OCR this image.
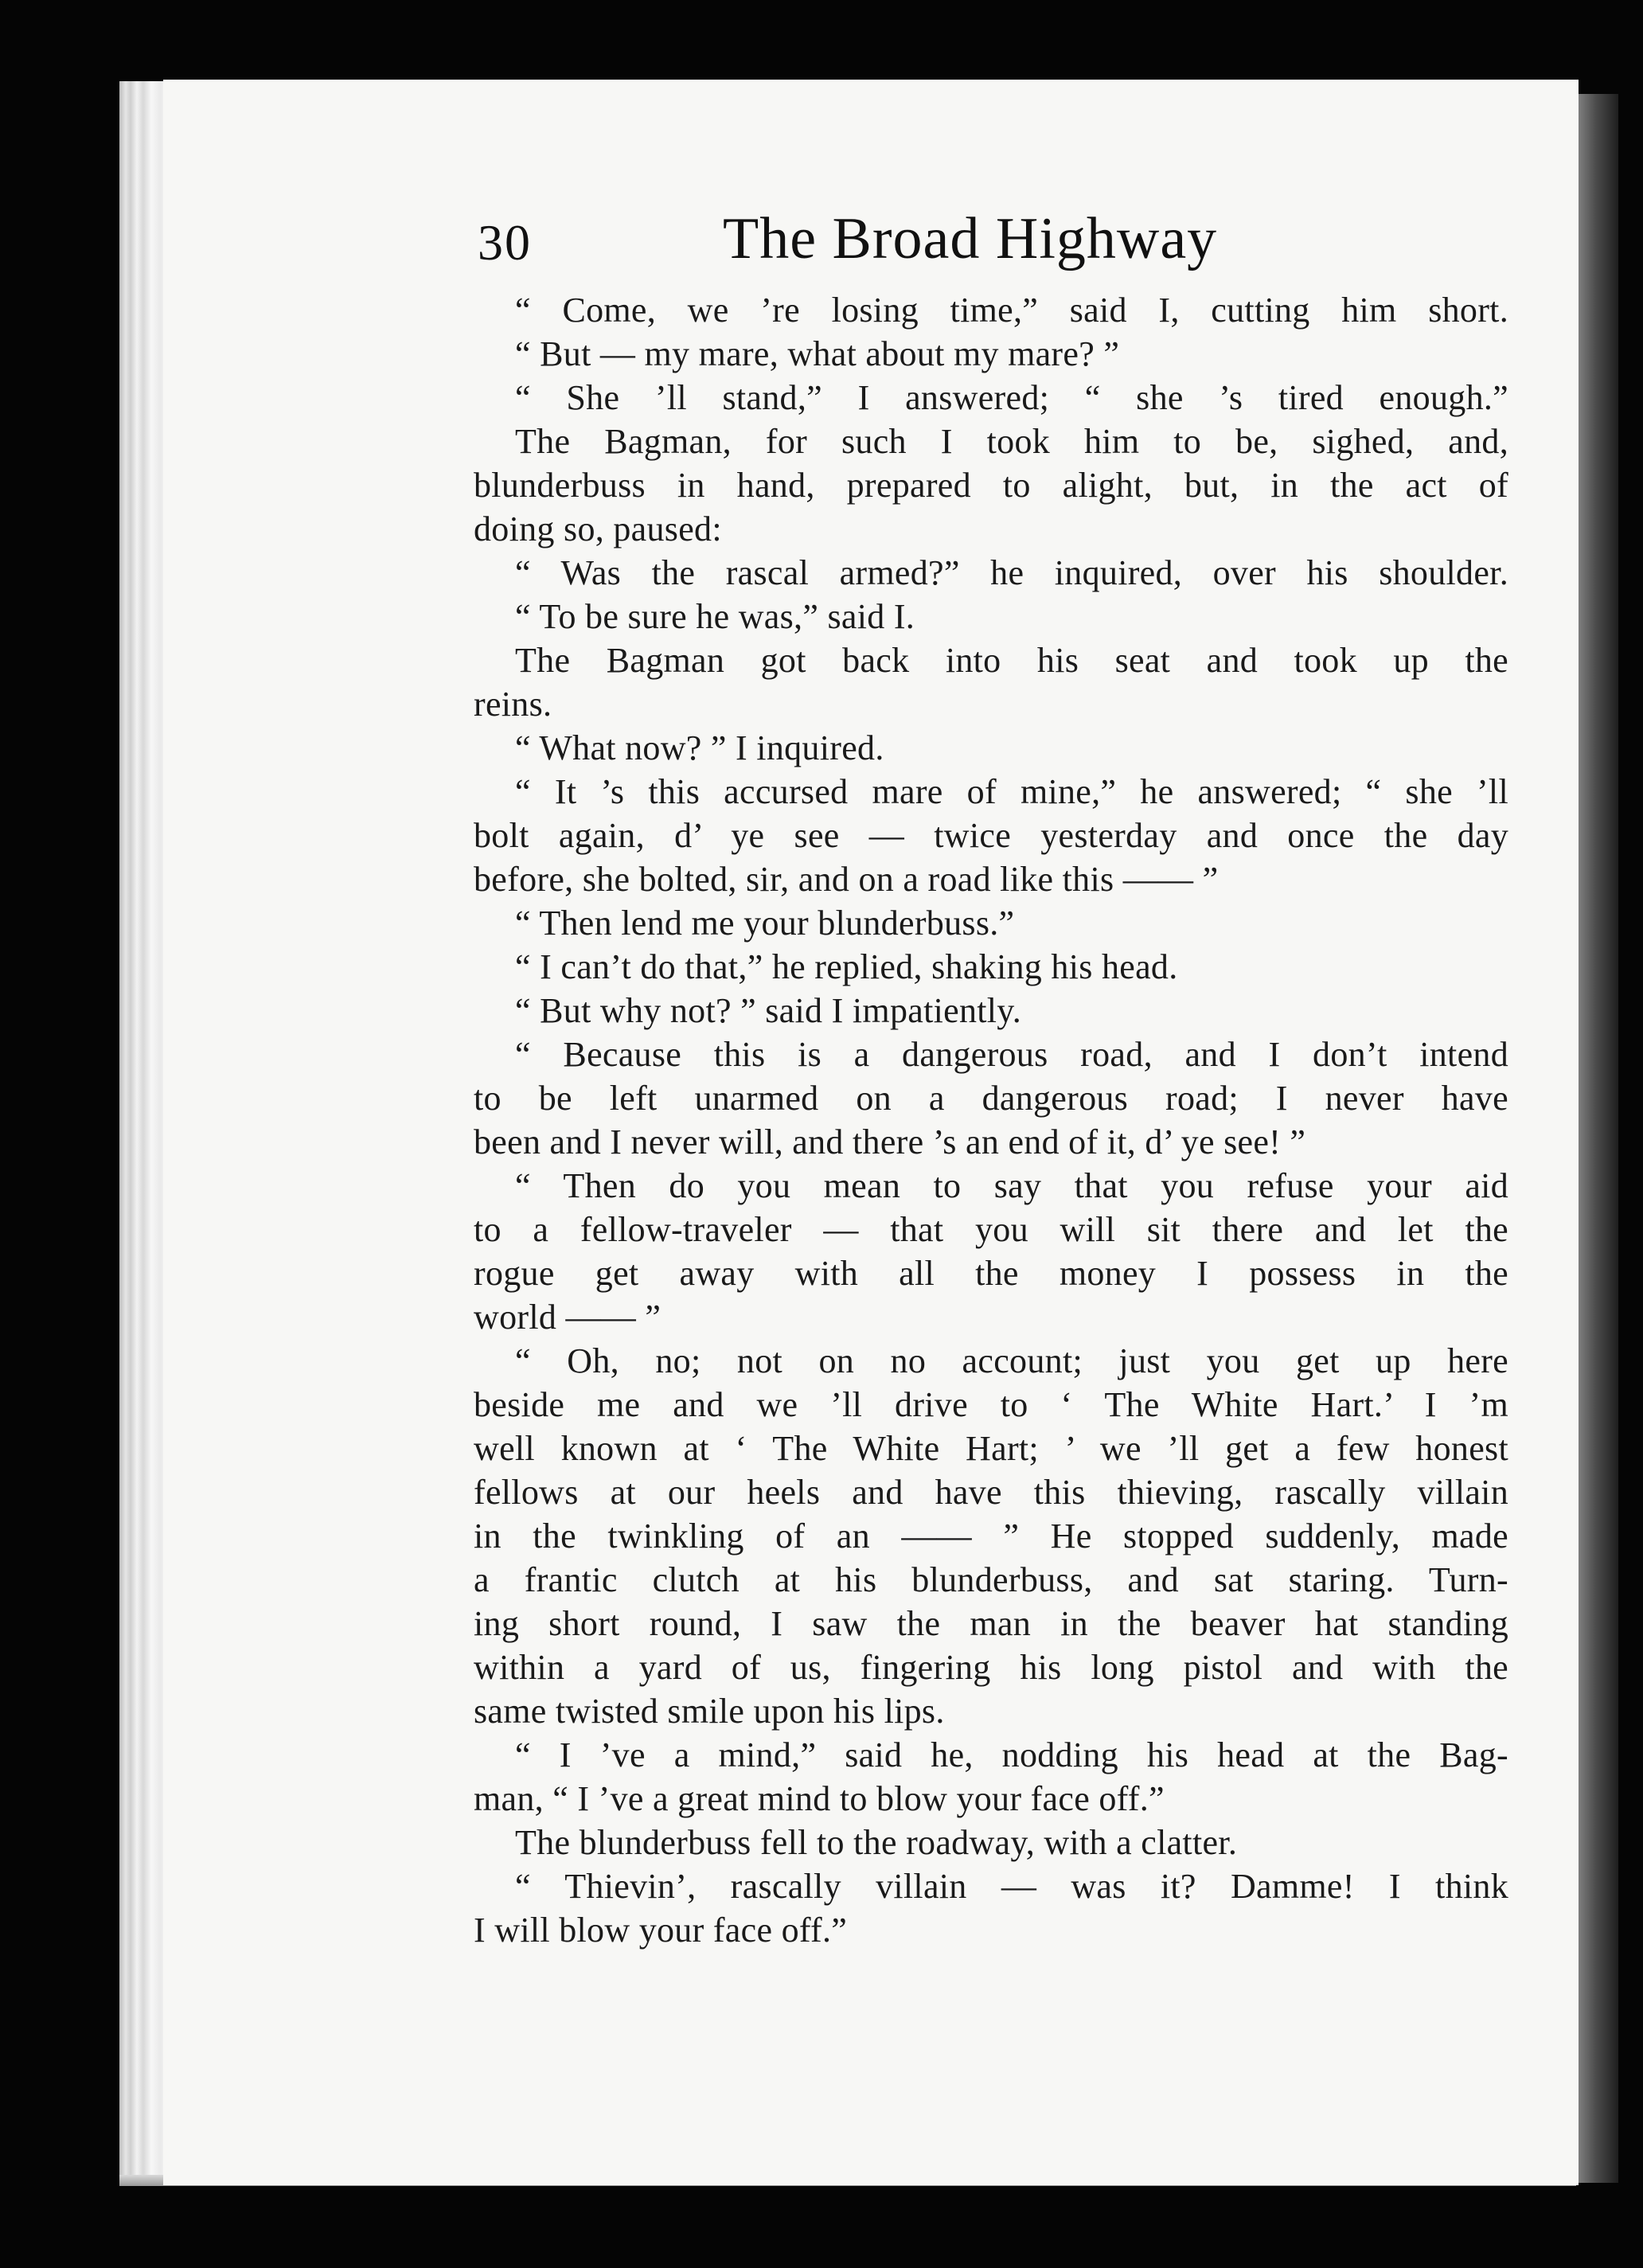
30	The Broad Highway
“ Come, we ’re losing time,” said I, cutting him short.
“ But — my mare, what about my mare? ”
“ She ’ll stand,” I answered; “ she ’s tired enough.”
The Bagman, for such I took him to be, sighed, and,
blunderbuss in hand, prepared to alight, but, in the act of
doing so, paused:
“ Was the rascal armed?” he inquired, over his shoulder.
“ To be sure he was,” said I.
The Bagman got back into his seat and took up the
reins.
“ What now? ” I inquired.
“ It ’s this accursed mare of mine,” he answered; “ she ’ll
bolt again, d’ ye see — twice yesterday and once the day
before, she bolted, sir, and on a road like this —— ”
“ Then lend me your blunderbuss.”
“ I can’t do that,” he replied, shaking his head.
“ But why not? ” said I impatiently.
“ Because this is a dangerous road, and I don’t intend
to be left unarmed on a dangerous road; I never have
been and I never will, and there ’s an end of it, d’ ye see! ”
“ Then do you mean to say that you refuse your aid
to a fellow-traveler — that you will sit there and let the
rogue get away with all the money I possess in the
world —— ”
“ Oh, no; not on no account; just you get up here
beside me and we ’ll drive to ‘ The White Hart.’ I ’m
well known at ‘ The White Hart; ’ we ’ll get a few honest
fellows at our heels and have this thieving, rascally villain
in the twinkling of an —— ” He stopped suddenly, made
a frantic clutch at his blunderbuss, and sat staring. Turn-
ing short round, I saw the man in the beaver hat standing
within a yard of us, fingering his long pistol and with the
same twisted smile upon his lips.
“ I ’ve a mind,” said he, nodding his head at the Bag-
man, “ I ’ve a great mind to blow your face off.”
The blunderbuss fell to the roadway, with a clatter.
“ Thievin’, rascally villain — was it? Damme! I think
I will blow your face off.”
